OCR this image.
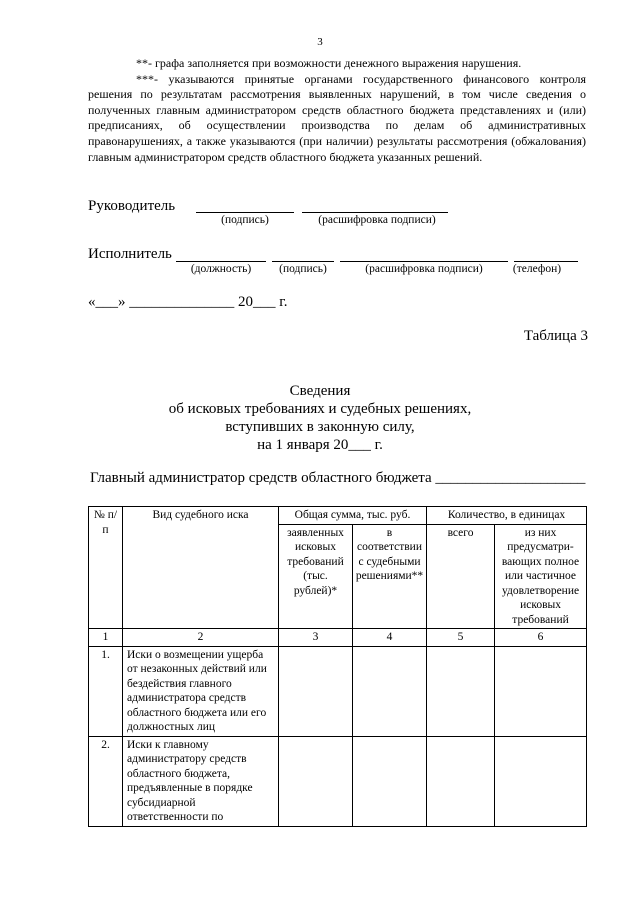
3

**- графа заполняется при возможности денежного выражения нарушения.

***- указываются принятые органами государственного финансового контроля решения по результатам рассмотрения выявленных нарушений, в том числе сведения о полученных главным администратором средств областного бюджета представлениях и (или) предписаниях, об осуществлении производства по делам об административных правонарушениях, а также указываются (при наличии) результаты рассмотрения (обжалования) главным администратором средств областного бюджета указанных решений.

Руководитель
(подпись)	(расшифровка подписи)
Исполнитель
(должность)	(подпись)	(расшифровка подписи)	(телефон)
«___» ______________ 20___ г.
Таблица 3
Сведения
об исковых требованиях и судебных решениях,
вступивших в законную силу,
на 1 января 20___ г.
Главный администратор средств областного бюджета ____________________
№ п/п	Вид судебного иска	Общая сумма, тыс. руб.		Количество, в единицах	
		заявленных исковых требований (тыс. рублей)*	в соответствии с судебными решениями**	всего	из них предусматри-вающих полное или частичное удовлетворение исковых требований
1	2	3	4	5	6
1.	Иски о возмещении ущерба от незаконных действий или бездействия главного администратора средств областного бюджета или его должностных лиц				
2.	Иски к главному администратору средств областного бюджета, предъявленные в порядке субсидиарной ответственности по				
